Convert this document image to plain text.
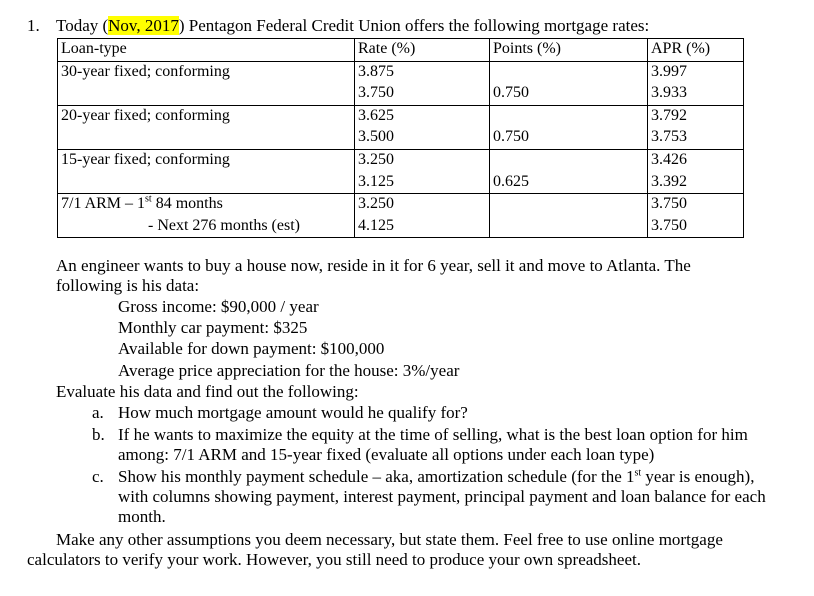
1. Today (Nov, 2017) Pentagon Federal Credit Union offers the following mortgage rates:
Loan-type	Rate (%)	Points (%)	APR (%)
30-year fixed; conforming	3.875		3.997
	3.750	0.750	3.933
20-year fixed; conforming	3.625		3.792
	3.500	0.750	3.753
15-year fixed; conforming	3.250		3.426
	3.125	0.625	3.392
7/1 ARM – 1st 84 months	3.250		3.750
- Next 276 months (est)	4.125		3.750

An engineer wants to buy a house now, reside in it for 6 year, sell it and move to Atlanta. The following is his data:

Gross income: $90,000 / year
Monthly car payment: $325
Available for down payment: $100,000
Average price appreciation for the house: 3%/year
Evaluate his data and find out the following:
a. How much mortgage amount would he qualify for?

b. If he wants to maximize the equity at the time of selling, what is the best loan option for him among: 7/1 ARM and 15-year fixed (evaluate all options under each loan type)

c. Show his monthly payment schedule – aka, amortization schedule (for the 1st year is enough), with columns showing payment, interest payment, principal payment and loan balance for each month.

Make any other assumptions you deem necessary, but state them. Feel free to use online mortgage calculators to verify your work. However, you still need to produce your own spreadsheet.
